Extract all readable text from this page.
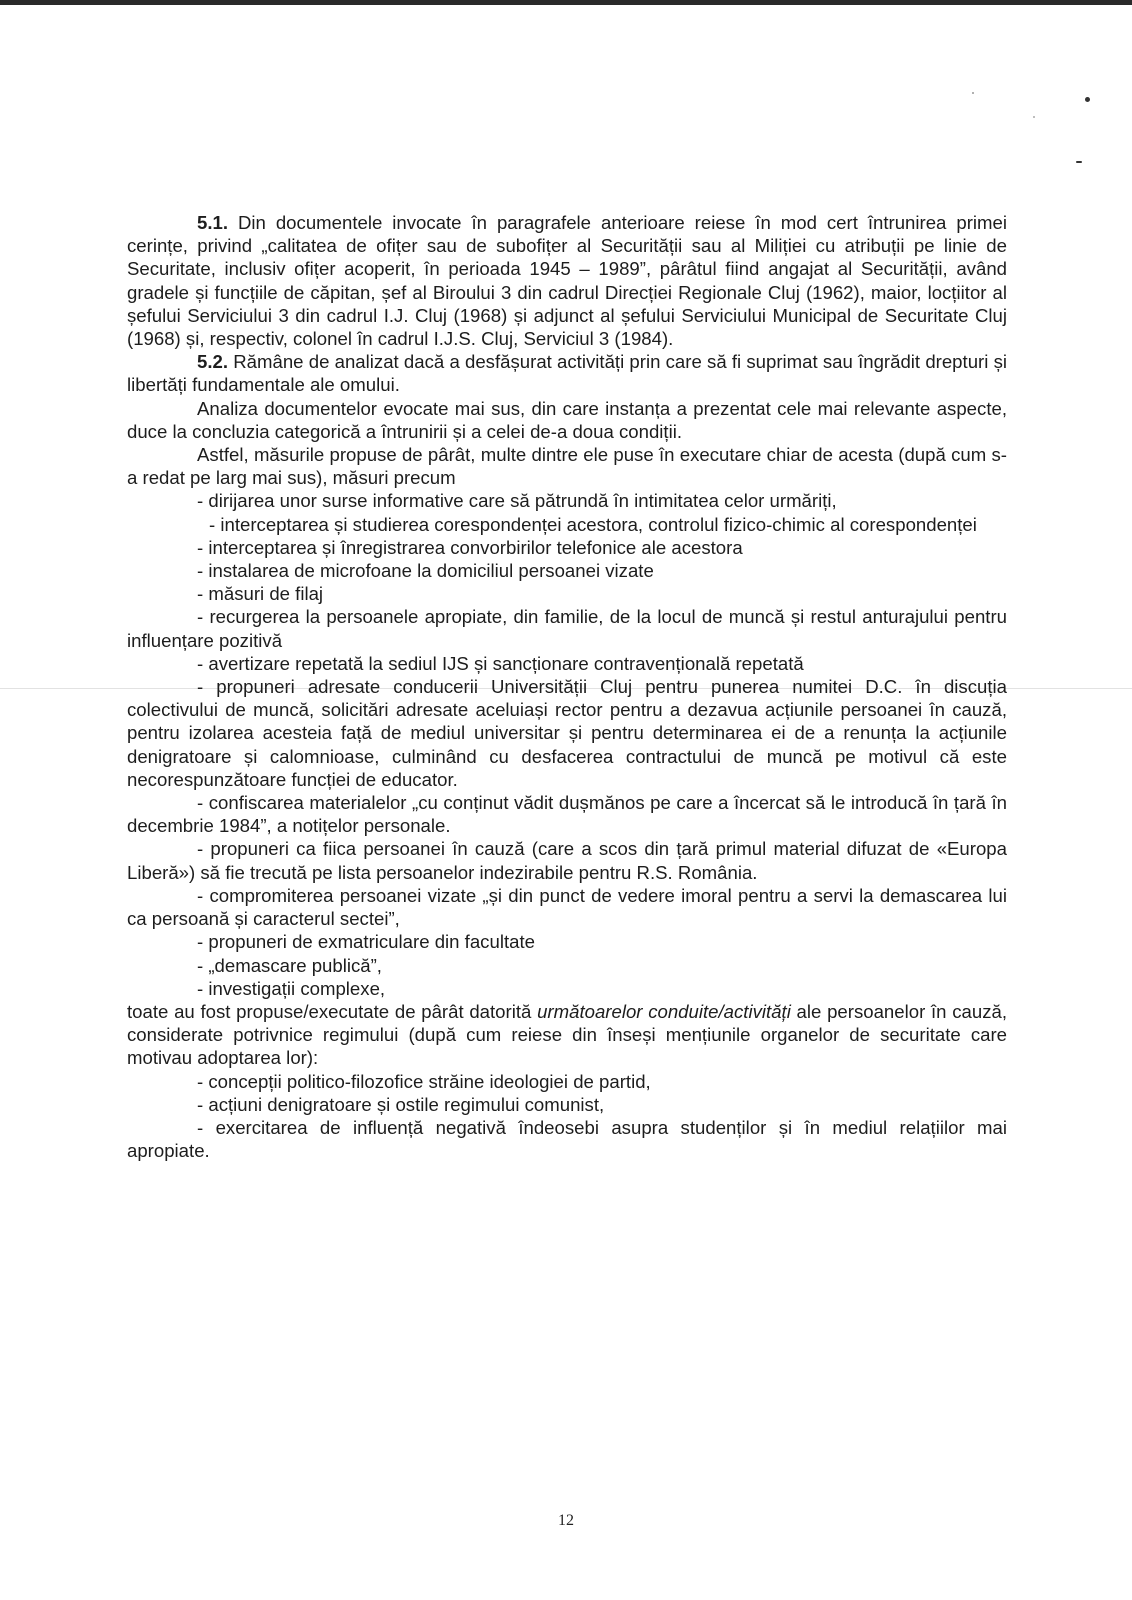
5.1. Din documentele invocate în paragrafele anterioare reiese în mod cert întrunirea primei cerințe, privind „calitatea de ofițer sau de subofițer al Securității sau al Miliției cu atribuții pe linie de Securitate, inclusiv ofițer acoperit, în perioada 1945 – 1989”, pârâtul fiind angajat al Securității, având gradele și funcțiile de căpitan, șef al Biroului 3 din cadrul Direcției Regionale Cluj (1962), maior, locțiitor al șefului Serviciului 3 din cadrul I.J. Cluj (1968) și adjunct al șefului Serviciului Municipal de Securitate Cluj (1968) și, respectiv, colonel în cadrul I.J.S. Cluj, Serviciul 3 (1984).

5.2. Rămâne de analizat dacă a desfășurat activități prin care să fi suprimat sau îngrădit drepturi și libertăți fundamentale ale omului.

Analiza documentelor evocate mai sus, din care instanța a prezentat cele mai relevante aspecte, duce la concluzia categorică a întrunirii și a celei de-a doua condiții.

Astfel, măsurile propuse de pârât, multe dintre ele puse în executare chiar de acesta (după cum s-a redat pe larg mai sus), măsuri precum

- dirijarea unor surse informative care să pătrundă în intimitatea celor urmăriți,

- interceptarea și studierea corespondenței acestora, controlul fizico-chimic al corespondenței

- interceptarea și înregistrarea convorbirilor telefonice ale acestora

- instalarea de microfoane la domiciliul persoanei vizate

- măsuri de filaj

- recurgerea la persoanele apropiate, din familie, de la locul de muncă și restul anturajului pentru influențare pozitivă

- avertizare repetată la sediul IJS și sancționare contravențională repetată

- propuneri adresate conducerii Universității Cluj pentru punerea numitei D.C. în discuția colectivului de muncă, solicitări adresate aceluiași rector pentru a dezavua acțiunile persoanei în cauză, pentru izolarea acesteia față de mediul universitar și pentru determinarea ei de a renunța la acțiunile denigratoare și calomnioase, culminând cu desfacerea contractului de muncă pe motivul că este necorespunzătoare funcției de educator.

- confiscarea materialelor „cu conținut vădit dușmănos pe care a încercat să le introducă în țară în decembrie 1984”, a notițelor personale.

- propuneri ca fiica persoanei în cauză (care a scos din țară primul material difuzat de «Europa Liberă») să fie trecută pe lista persoanelor indezirabile pentru R.S. România.

- compromiterea persoanei vizate „și din punct de vedere imoral pentru a servi la demascarea lui ca persoană și caracterul sectei”,

- propuneri de exmatriculare din facultate

- „demascare publică”,

- investigații complexe,

toate au fost propuse/executate de pârât datorită următoarelor conduite/activități ale persoanelor în cauză, considerate potrivnice regimului (după cum reiese din înseși mențiunile organelor de securitate care motivau adoptarea lor):

- concepții politico-filozofice străine ideologiei de partid,

- acțiuni denigratoare și ostile regimului comunist,

- exercitarea de influență negativă îndeosebi asupra studenților și în mediul relațiilor mai apropiate.

12
